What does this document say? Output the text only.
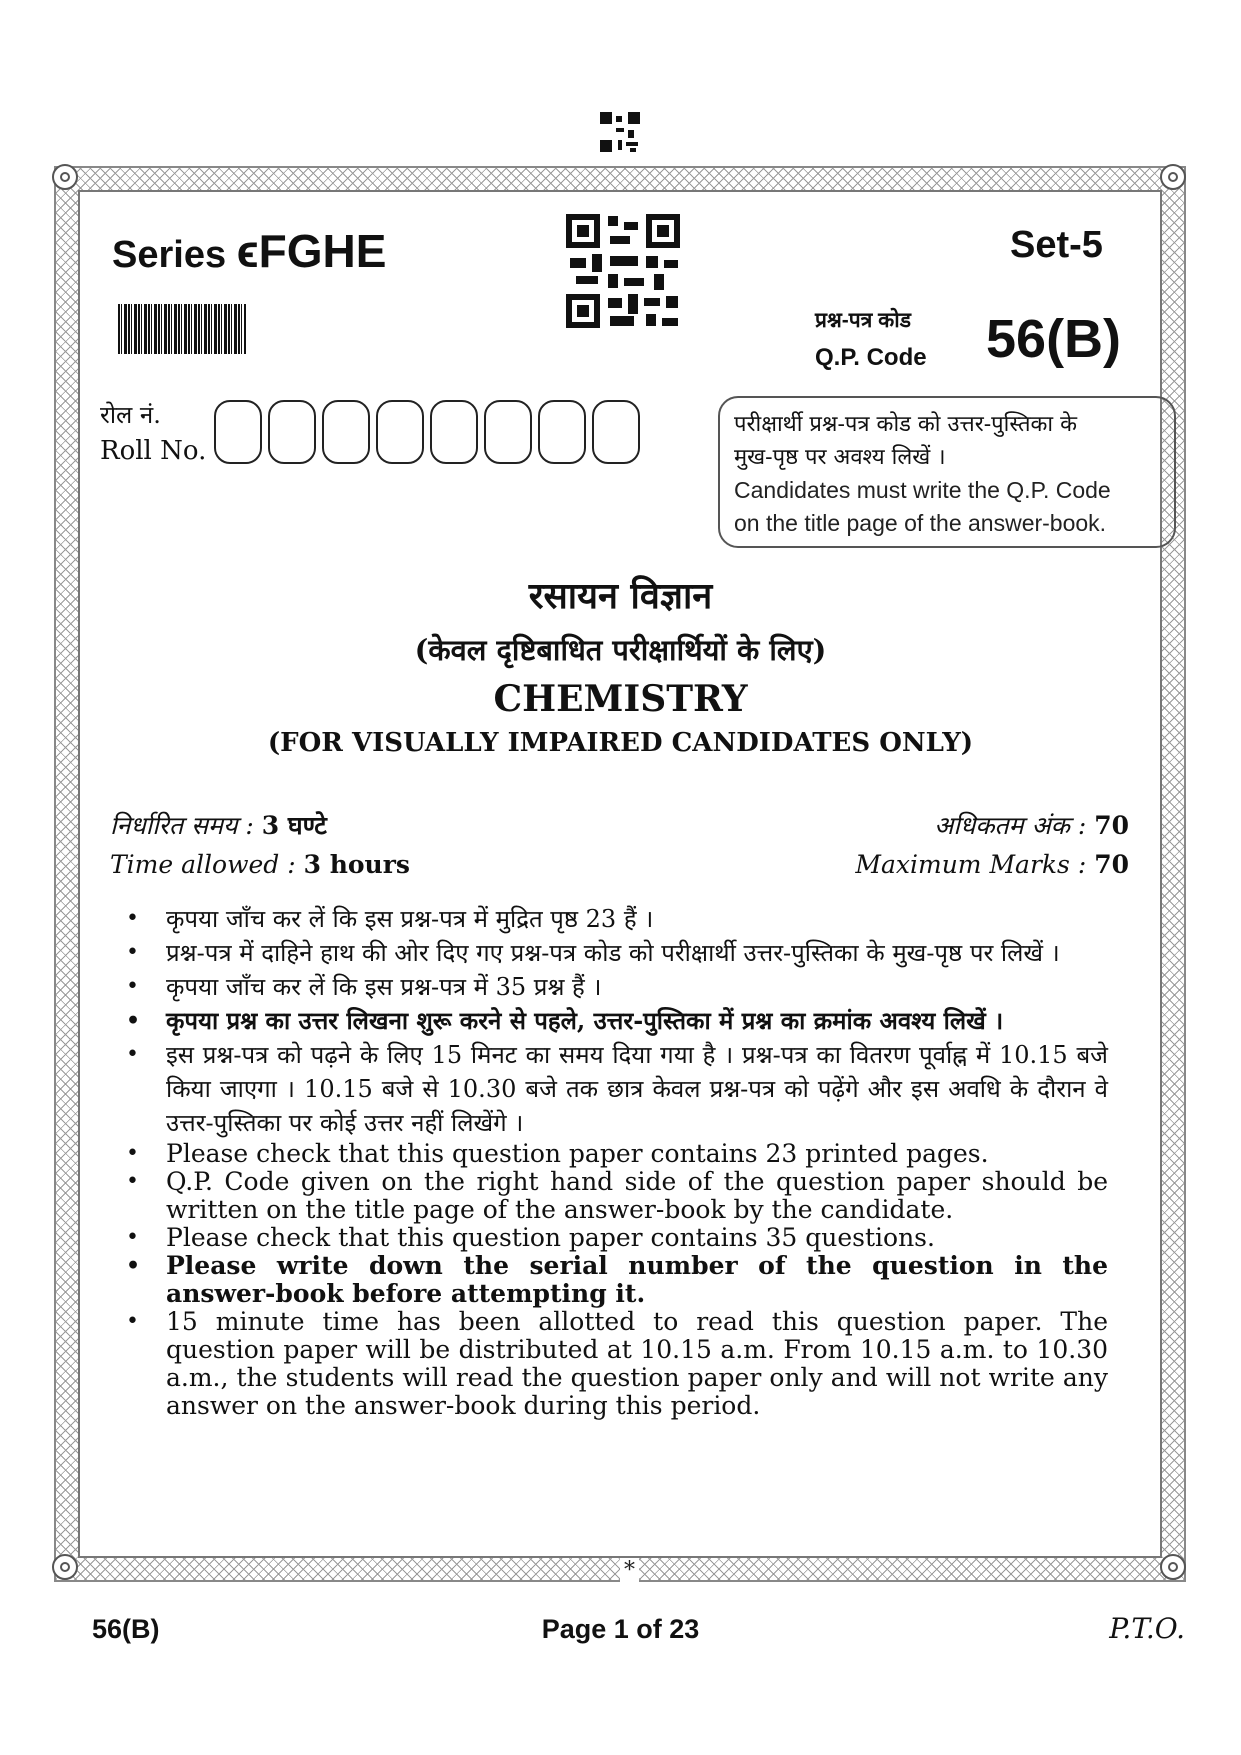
*
Series ϵFGHE	Set-5
प्रश्न-पत्र कोड
Q.P. Code 56(B)
रोल नं.
Roll No.
परीक्षार्थी प्रश्न-पत्र कोड को उत्तर-पुस्तिका के
मुख-पृष्ठ पर अवश्य लिखें ।
Candidates must write the Q.P. Code
on the title page of the answer-book.
रसायन विज्ञान
(केवल दृष्टिबाधित परीक्षार्थियों के लिए)
CHEMISTRY
(FOR VISUALLY IMPAIRED CANDIDATES ONLY)
निर्धारित समय : 3 घण्टे	अधिकतम अंक : 70
Time allowed : 3 hours	Maximum Marks : 70
• कृपया जाँच कर लें कि इस प्रश्न-पत्र में मुद्रित पृष्ठ 23 हैं ।
• प्रश्न-पत्र में दाहिने हाथ की ओर दिए गए प्रश्न-पत्र कोड को परीक्षार्थी उत्तर-पुस्तिका के मुख-पृष्ठ पर लिखें ।
• कृपया जाँच कर लें कि इस प्रश्न-पत्र में 35 प्रश्न हैं ।
• कृपया प्रश्न का उत्तर लिखना शुरू करने से पहले, उत्तर-पुस्तिका में प्रश्न का क्रमांक अवश्य लिखें ।
• इस प्रश्न-पत्र को पढ़ने के लिए 15 मिनट का समय दिया गया है । प्रश्न-पत्र का वितरण पूर्वाह्न में 10.15 बजे किया जाएगा । 10.15 बजे से 10.30 बजे तक छात्र केवल प्रश्न-पत्र को पढ़ेंगे और इस अवधि के दौरान वे उत्तर-पुस्तिका पर कोई उत्तर नहीं लिखेंगे ।
• Please check that this question paper contains 23 printed pages.
• Q.P. Code given on the right hand side of the question paper should be written on the title page of the answer-book by the candidate.
• Please check that this question paper contains 35 questions.
• Please write down the serial number of the question in the answer-book before attempting it.
• 15 minute time has been allotted to read this question paper. The question paper will be distributed at 10.15 a.m. From 10.15 a.m. to 10.30 a.m., the students will read the question paper only and will not write any answer on the answer-book during this period.
56(B)	Page 1 of 23	P.T.O.
